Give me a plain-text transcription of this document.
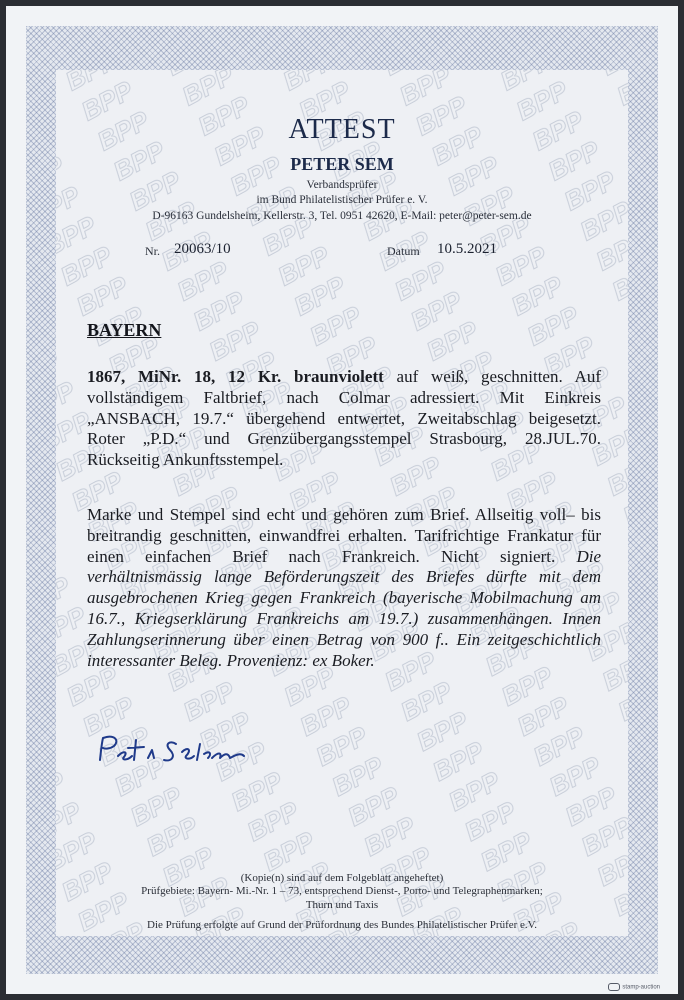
ATTEST
PETER SEM
Verbandsprüfer
im Bund Philatelistischer Prüfer e. V.
D-96163 Gundelsheim, Kellerstr. 3, Tel. 0951 42620, E-Mail: peter@peter-sem.de
Nr. 20063/10	Datum 10.5.2021
BAYERN
1867, MiNr. 18, 12 Kr. braunviolett auf weiß, geschnitten. Auf vollständigem Faltbrief, nach Colmar adressiert. Mit Einkreis „ANSBACH, 19.7.“ übergehend entwertet, Zweitabschlag beigesetzt. Roter „P.D.“ und Grenzübergangsstempel Strasbourg, 28.JUL.70. Rückseitig Ankunftsstempel.
Marke und Stempel sind echt und gehören zum Brief. Allseitig voll– bis breitrandig geschnitten, einwandfrei erhalten. Tarifrichtige Frankatur für einen einfachen Brief nach Frankreich. Nicht signiert. Die verhältnismässig lange Beförderungszeit des Briefes dürfte mit dem ausgebrochenen Krieg gegen Frankreich (bayerische Mobilmachung am 16.7., Kriegserklärung Frankreichs am 19.7.) zusammenhängen. Innen Zahlungserinnerung über einen Betrag von 900 f.. Ein zeitgeschichtlich interessanter Beleg. Provenienz: ex Boker.
(Kopie(n) sind auf dem Folgeblatt angeheftet)
Prüfgebiete: Bayern- Mi.-Nr. 1 – 73, entsprechend Dienst-, Porto- und Telegraphenmarken;
Thurn und Taxis
Die Prüfung erfolgte auf Grund der Prüfordnung des Bundes Philatelistischer Prüfer e.V.
stamp-auction
